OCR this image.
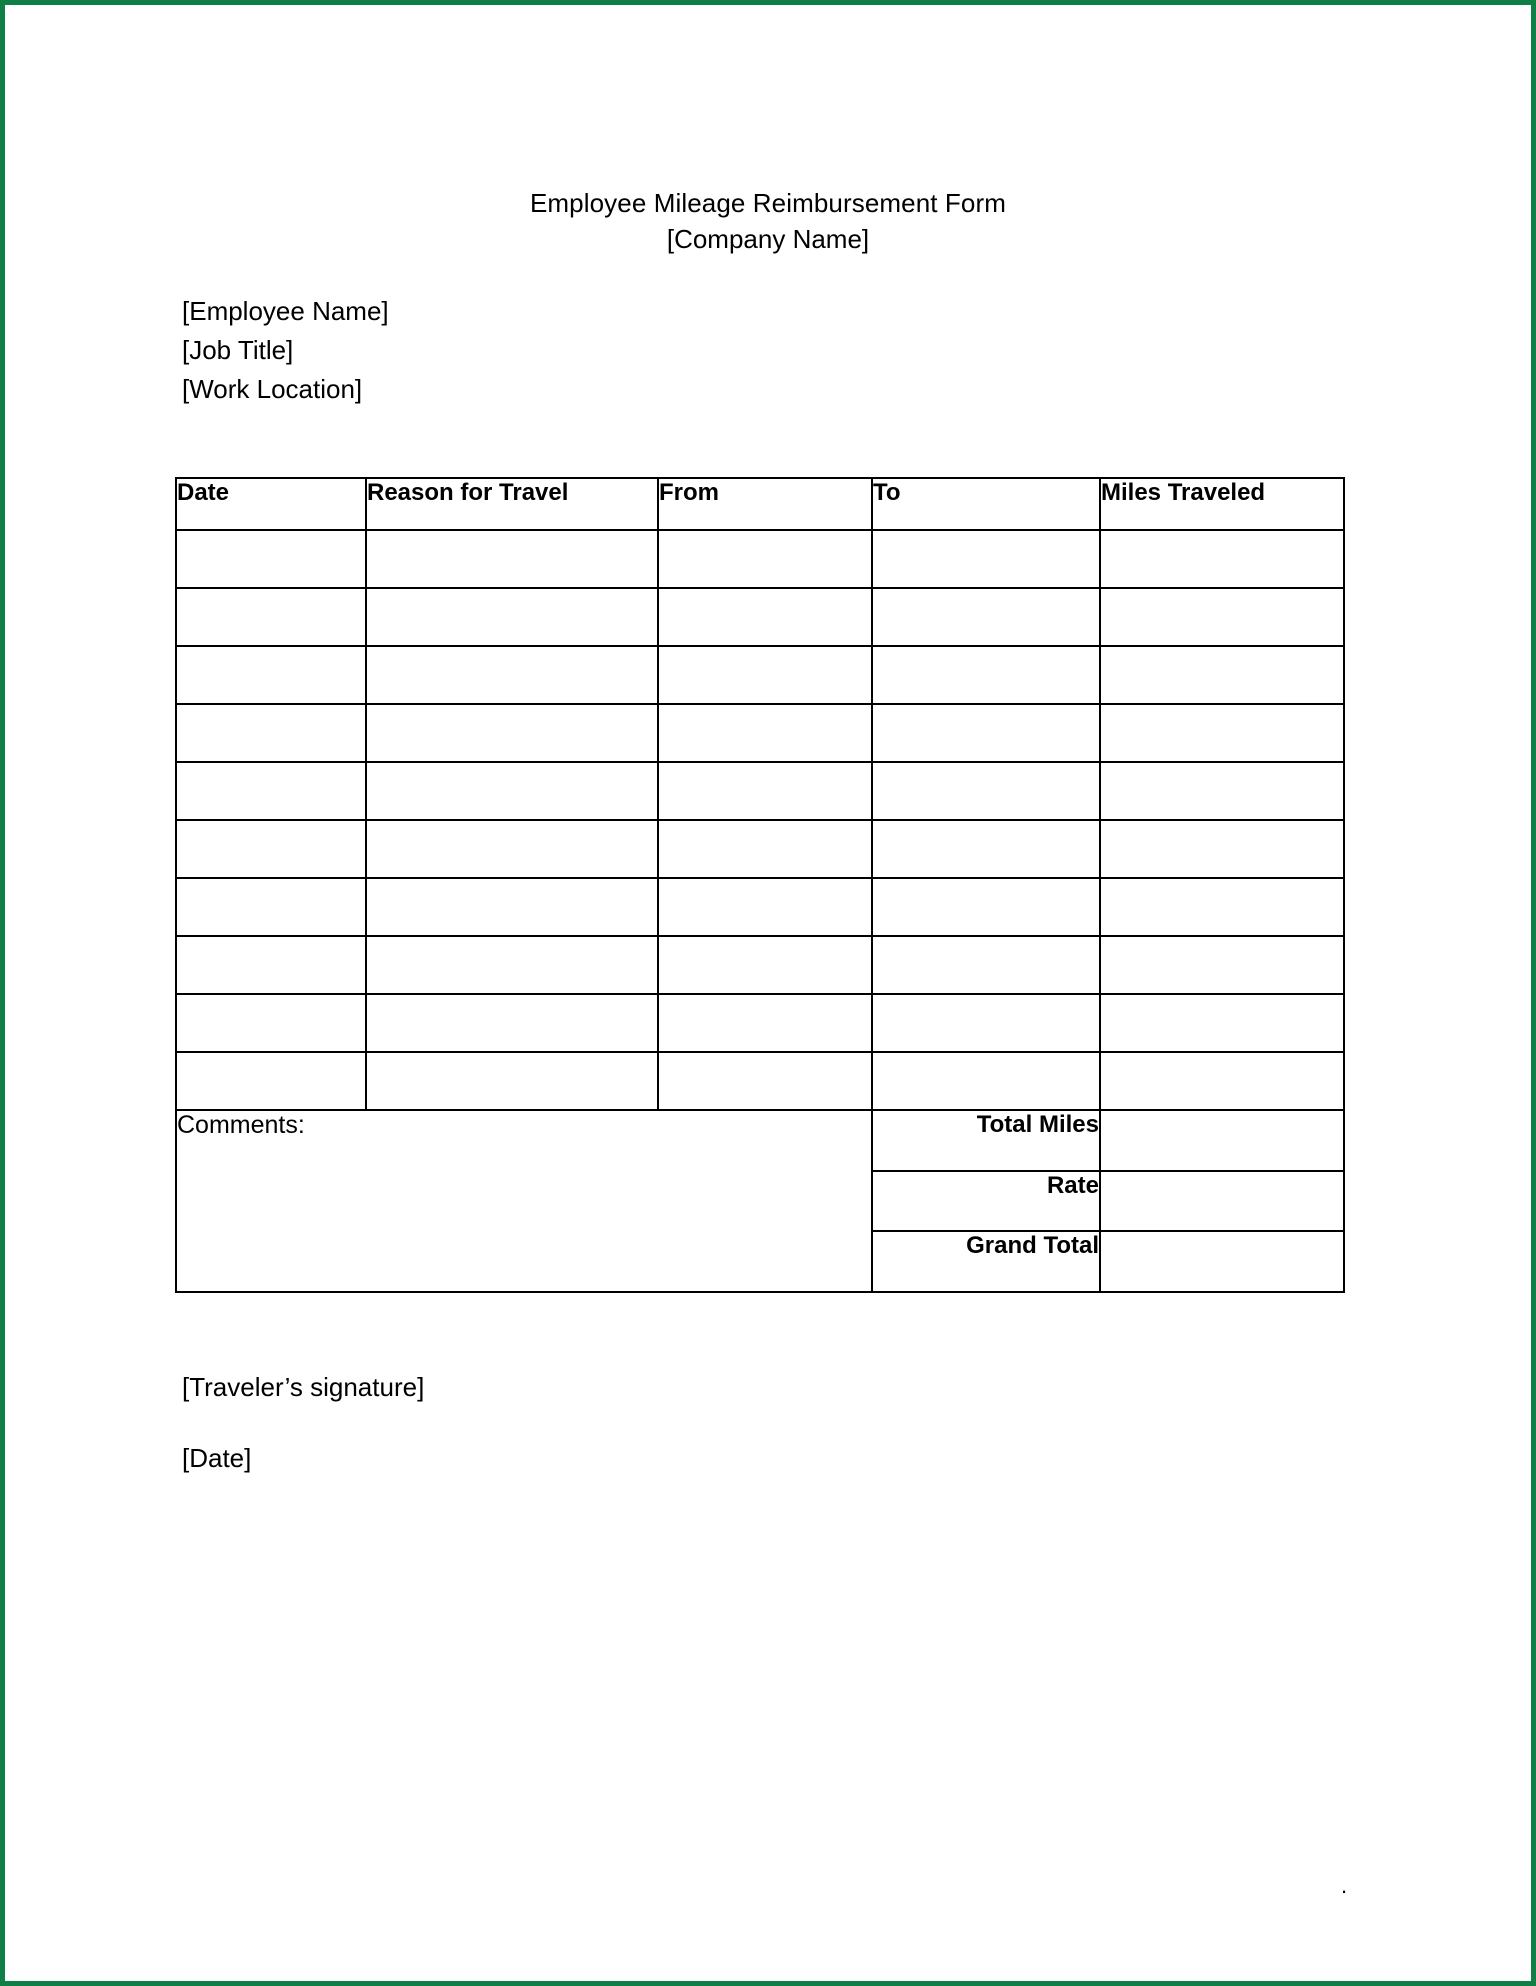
Employee Mileage Reimbursement Form
[Company Name]
[Employee Name]
[Job Title]
[Work Location]
Date	Reason for Travel	From	To	Miles Traveled

Comments:			Total Miles	
			Rate	
			Grand Total	
[Traveler’s signature]
[Date]
.
